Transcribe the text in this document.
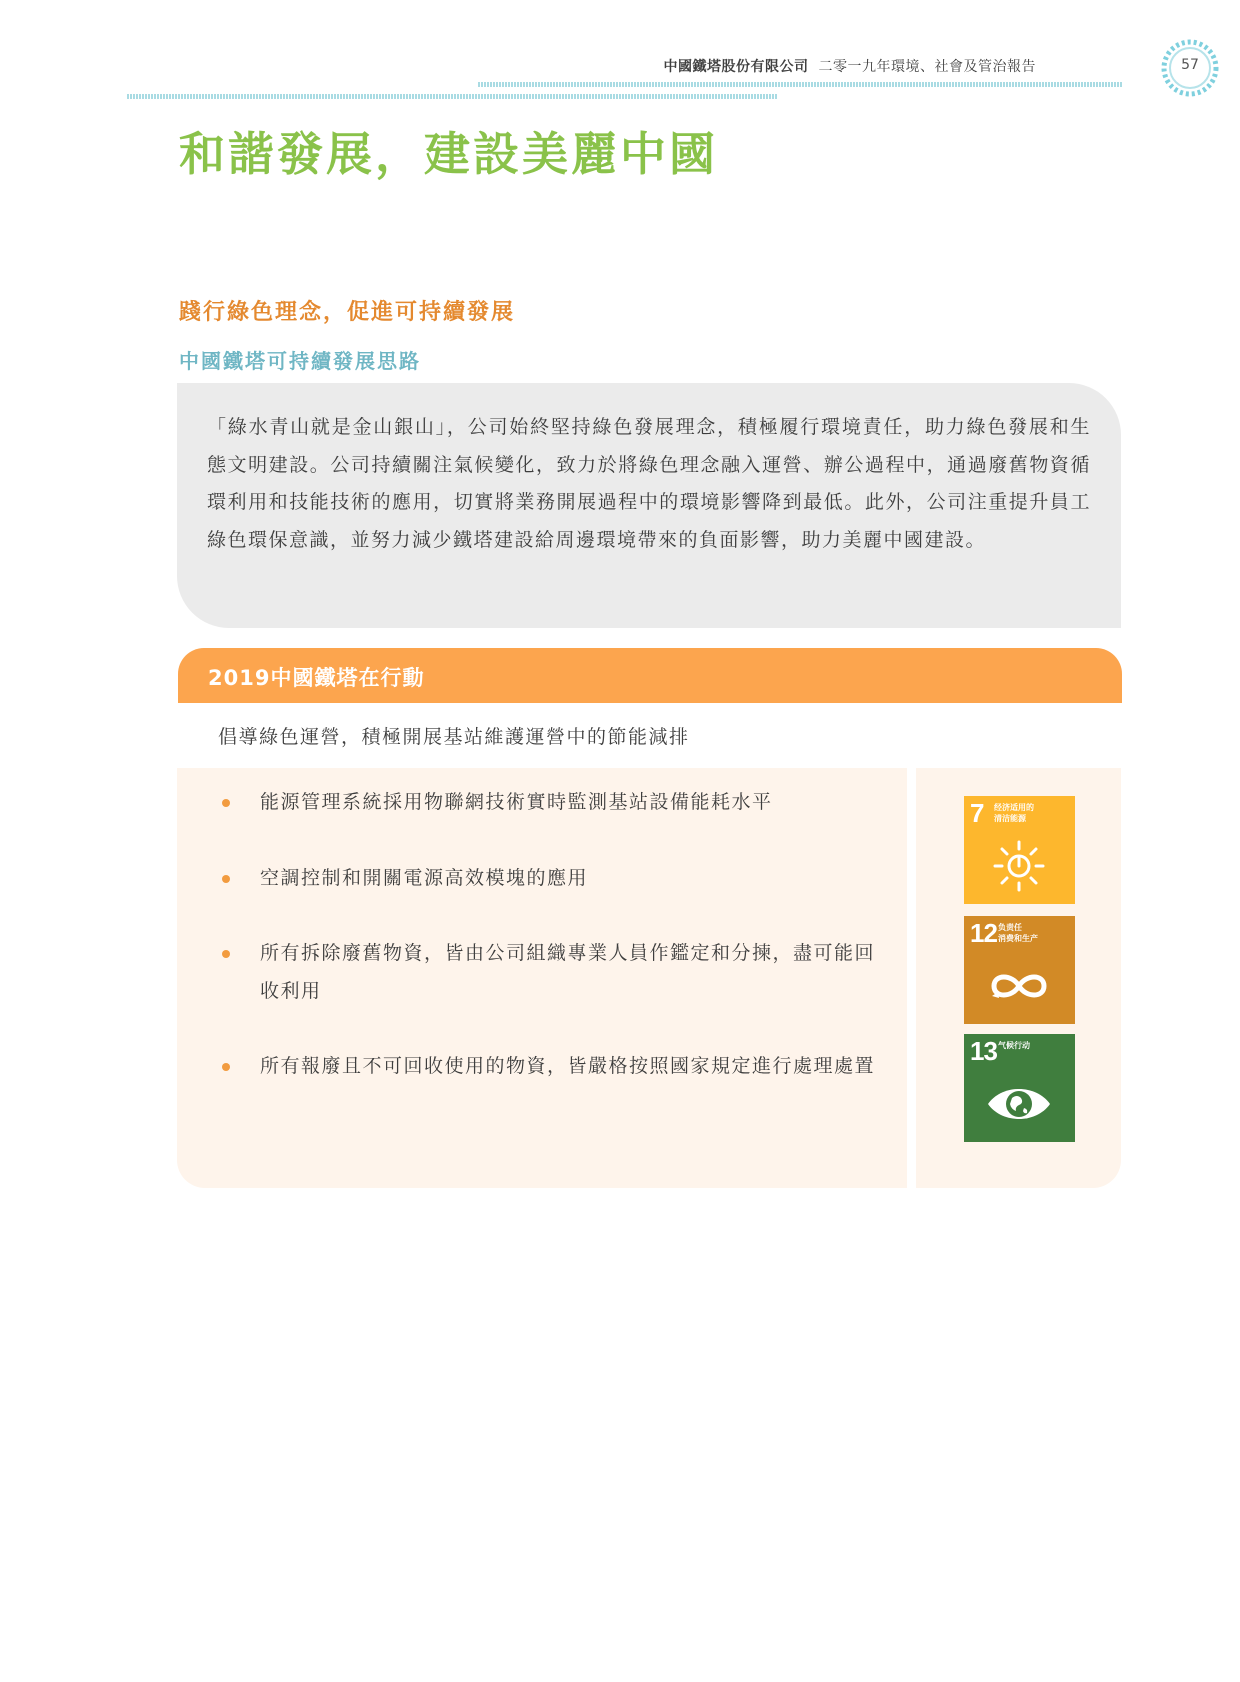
中國鐵塔股份有限公司 二零一九年環境、社會及管治報告	57
和諧發展，建設美麗中國
踐行綠色理念，促進可持續發展
中國鐵塔可持續發展思路
「綠水青山就是金山銀山」，公司始終堅持綠色發展理念，積極履行環境責任，助力綠色發展和生態文明建設。公司持續關注氣候變化，致力於將綠色理念融入運營、辦公過程中，通過廢舊物資循環利用和技能技術的應用，切實將業務開展過程中的環境影響降到最低。此外，公司注重提升員工綠色環保意識，並努力減少鐵塔建設給周邊環境帶來的負面影響，助力美麗中國建設。
2019中國鐵塔在行動
倡導綠色運營，積極開展基站維護運營中的節能減排
能源管理系統採用物聯網技術實時監測基站設備能耗水平
空調控制和開關電源高效模塊的應用
所有拆除廢舊物資，皆由公司組織專業人員作鑑定和分揀，盡可能回收利用
所有報廢且不可回收使用的物資，皆嚴格按照國家規定進行處理處置
7 经济适用的
清洁能源
12 负责任
消费和生产
13 气候行动
